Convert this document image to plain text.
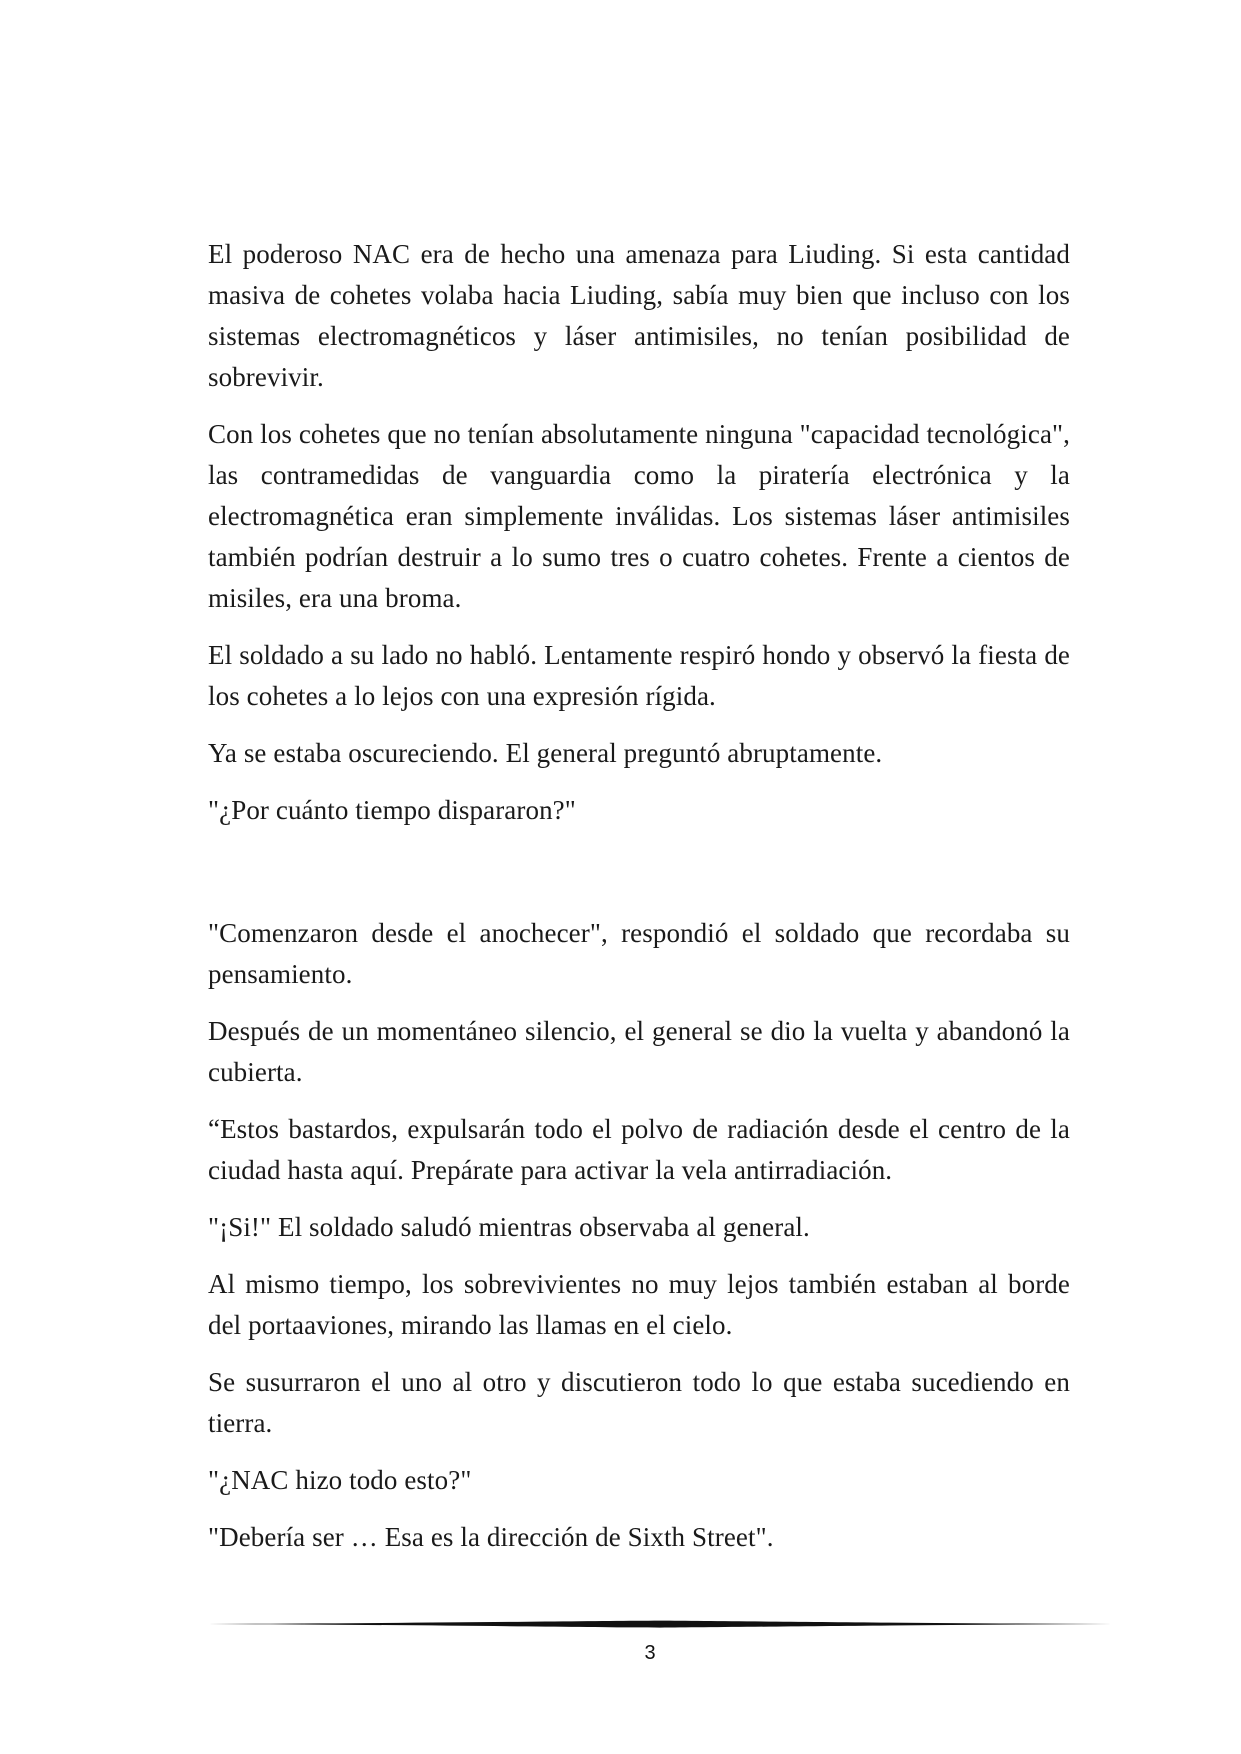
El poderoso NAC era de hecho una amenaza para Liuding. Si esta cantidad masiva de cohetes volaba hacia Liuding, sabía muy bien que incluso con los sistemas electromagnéticos y láser antimisiles, no tenían posibilidad de sobrevivir.

Con los cohetes que no tenían absolutamente ninguna "capacidad tecnológica", las contramedidas de vanguardia como la piratería electrónica y la electromagnética eran simplemente inválidas. Los sistemas láser antimisiles también podrían destruir a lo sumo tres o cuatro cohetes. Frente a cientos de misiles, era una broma.

El soldado a su lado no habló. Lentamente respiró hondo y observó la fiesta de los cohetes a lo lejos con una expresión rígida.

Ya se estaba oscureciendo. El general preguntó abruptamente.

"¿Por cuánto tiempo dispararon?"

"Comenzaron desde el anochecer", respondió el soldado que recordaba su pensamiento.

Después de un momentáneo silencio, el general se dio la vuelta y abandonó la cubierta.

“Estos bastardos, expulsarán todo el polvo de radiación desde el centro de la ciudad hasta aquí. Prepárate para activar la vela antirradiación.

"¡Si!" El soldado saludó mientras observaba al general.

Al mismo tiempo, los sobrevivientes no muy lejos también estaban al borde del portaaviones, mirando las llamas en el cielo.

Se susurraron el uno al otro y discutieron todo lo que estaba sucediendo en tierra.

"¿NAC hizo todo esto?"

"Debería ser … Esa es la dirección de Sixth Street".

3
